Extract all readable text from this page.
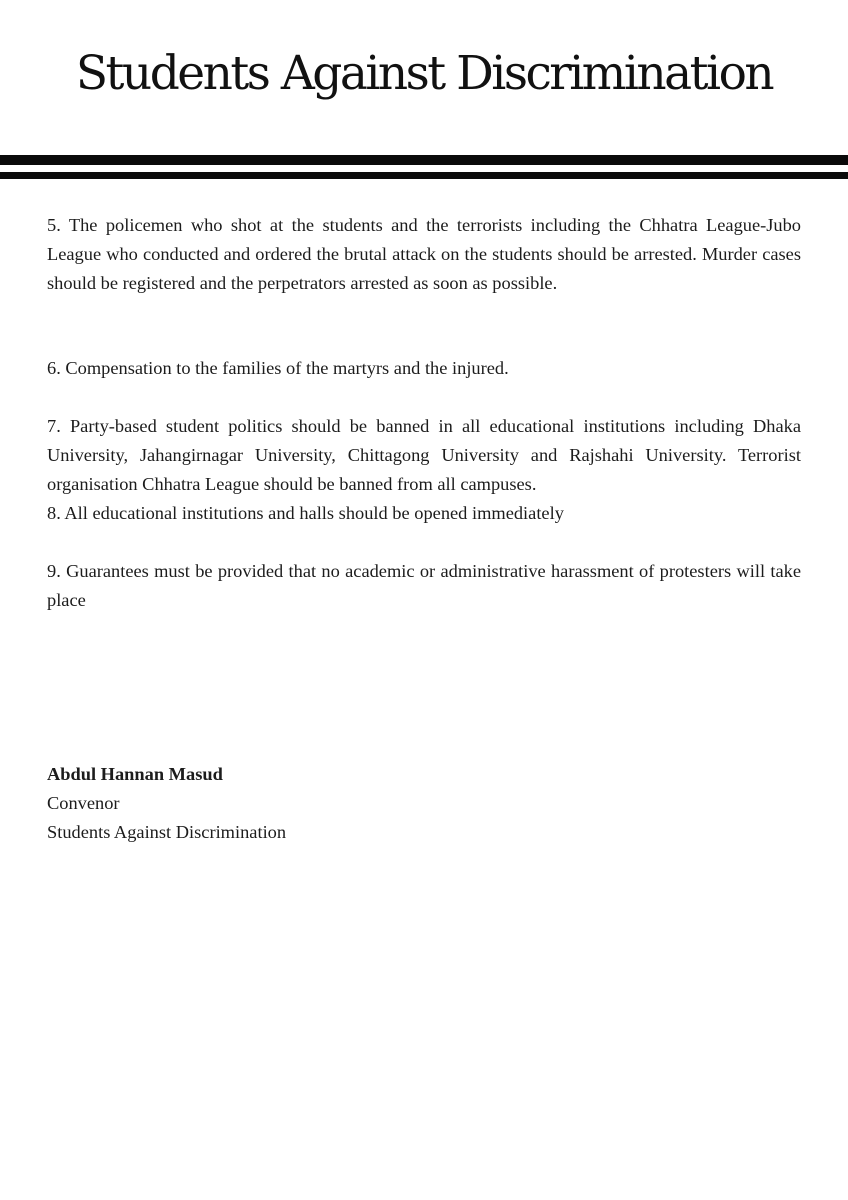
Students Against Discrimination
5. The policemen who shot at the students and the terrorists including the Chhatra League-Jubo League who conducted and ordered the brutal attack on the students should be arrested. Murder cases should be registered and the perpetrators arrested as soon as possible.
6. Compensation to the families of the martyrs and the injured.
7. Party-based student politics should be banned in all educational institutions including Dhaka University, Jahangirnagar University, Chittagong University and Rajshahi University. Terrorist organisation Chhatra League should be banned from all campuses.
8. All educational institutions and halls should be opened immediately
9. Guarantees must be provided that no academic or administrative harassment of protesters will take place
Abdul Hannan Masud
Convenor
Students Against Discrimination
